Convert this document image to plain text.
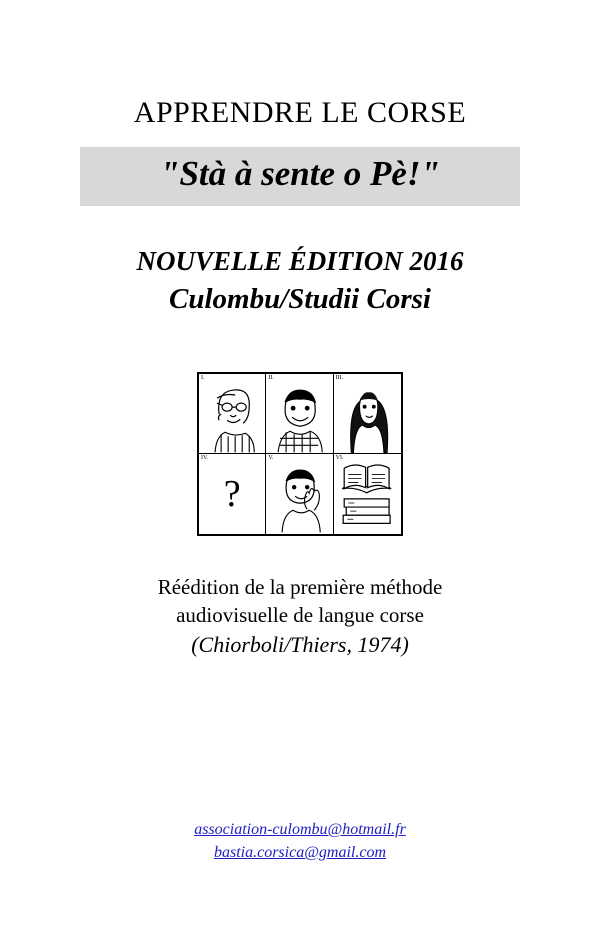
APPRENDRE LE CORSE
"Stà à sente o Pè!"
NOUVELLE ÉDITION 2016
Culombu/Studii Corsi
I.	II.	III.
IV.
?
V.	VI.
Réédition de la première méthode
audiovisuelle de langue corse
(Chiorboli/Thiers, 1974)
association-culombu@hotmail.fr
bastia.corsica@gmail.com
